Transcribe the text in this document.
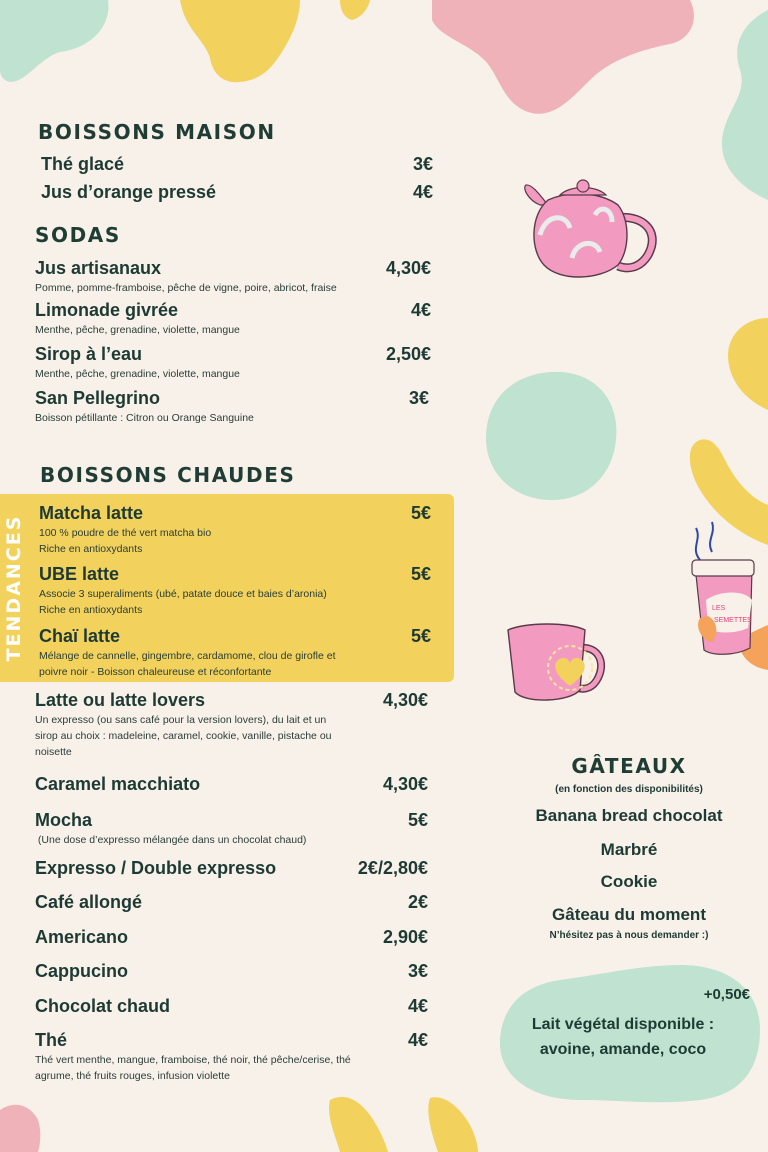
LES
SEMETTES
BOISSONS MAISON
Thé glacé	3€
Jus d’orange pressé	4€
SODAS
Jus artisanaux	4,30€
Pomme, pomme-framboise, pêche de vigne, poire, abricot, fraise
Limonade givrée	4€
Menthe, pêche, grenadine, violette, mangue
Sirop à l’eau	2,50€
Menthe, pêche, grenadine, violette, mangue
San Pellegrino	3€
Boisson pétillante : Citron ou Orange Sanguine
BOISSONS CHAUDES
TENDANCES
Matcha latte	5€
100 % poudre de thé vert matcha bio
Riche en antioxydants
UBE latte	5€
Associe 3 superaliments (ubé, patate douce et baies d’aronia)
Riche en antioxydants
Chaï latte	5€
Mélange de cannelle, gingembre, cardamome, clou de girofle et
poivre noir - Boisson chaleureuse et réconfortante
Latte ou latte lovers	4,30€
Un expresso (ou sans café pour la version lovers), du lait et un
sirop au choix : madeleine, caramel, cookie, vanille, pistache ou
noisette
Caramel macchiato	4,30€
Mocha	5€
(Une dose d’expresso mélangée dans un chocolat chaud)
Expresso / Double expresso	2€/2,80€
Café allongé	2€
Americano	2,90€
Cappucino	3€
Chocolat chaud	4€
Thé	4€
Thé vert menthe, mangue, framboise, thé noir, thé pêche/cerise, thé
agrume, thé fruits rouges, infusion violette
GÂTEAUX
(en fonction des disponibilités)
Banana bread chocolat
Marbré
Cookie
Gâteau du moment
N’hésitez pas à nous demander :)
+0,50€
Lait végétal disponible :
avoine, amande, coco
